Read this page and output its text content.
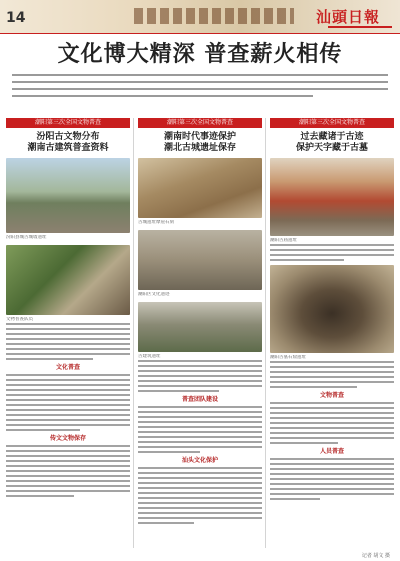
14	汕頭日報
文化博大精深 普查薪火相传
潮阳第三次全国文物普查
汾阳古文物分布
潮南古建筑普查资料
汾阳县城古城墙遗址
文物普查队员
文化普查
传文文物保存
潮阳第三次全国文物普查
潮南时代事迹保护
潮北古城遗址保存
古城遗址摩崖石刻
潮阳区文化遗迹
古建筑遗址
普查团队建设
汕头文化保护
潮阳第三次全国文物普查
过去藏诸于古迹
保护天字藏于古墓
潮阳古庙遗址
潮阳古墓石窟遗址
文物普查
人员普查
记者 胡文 摄
